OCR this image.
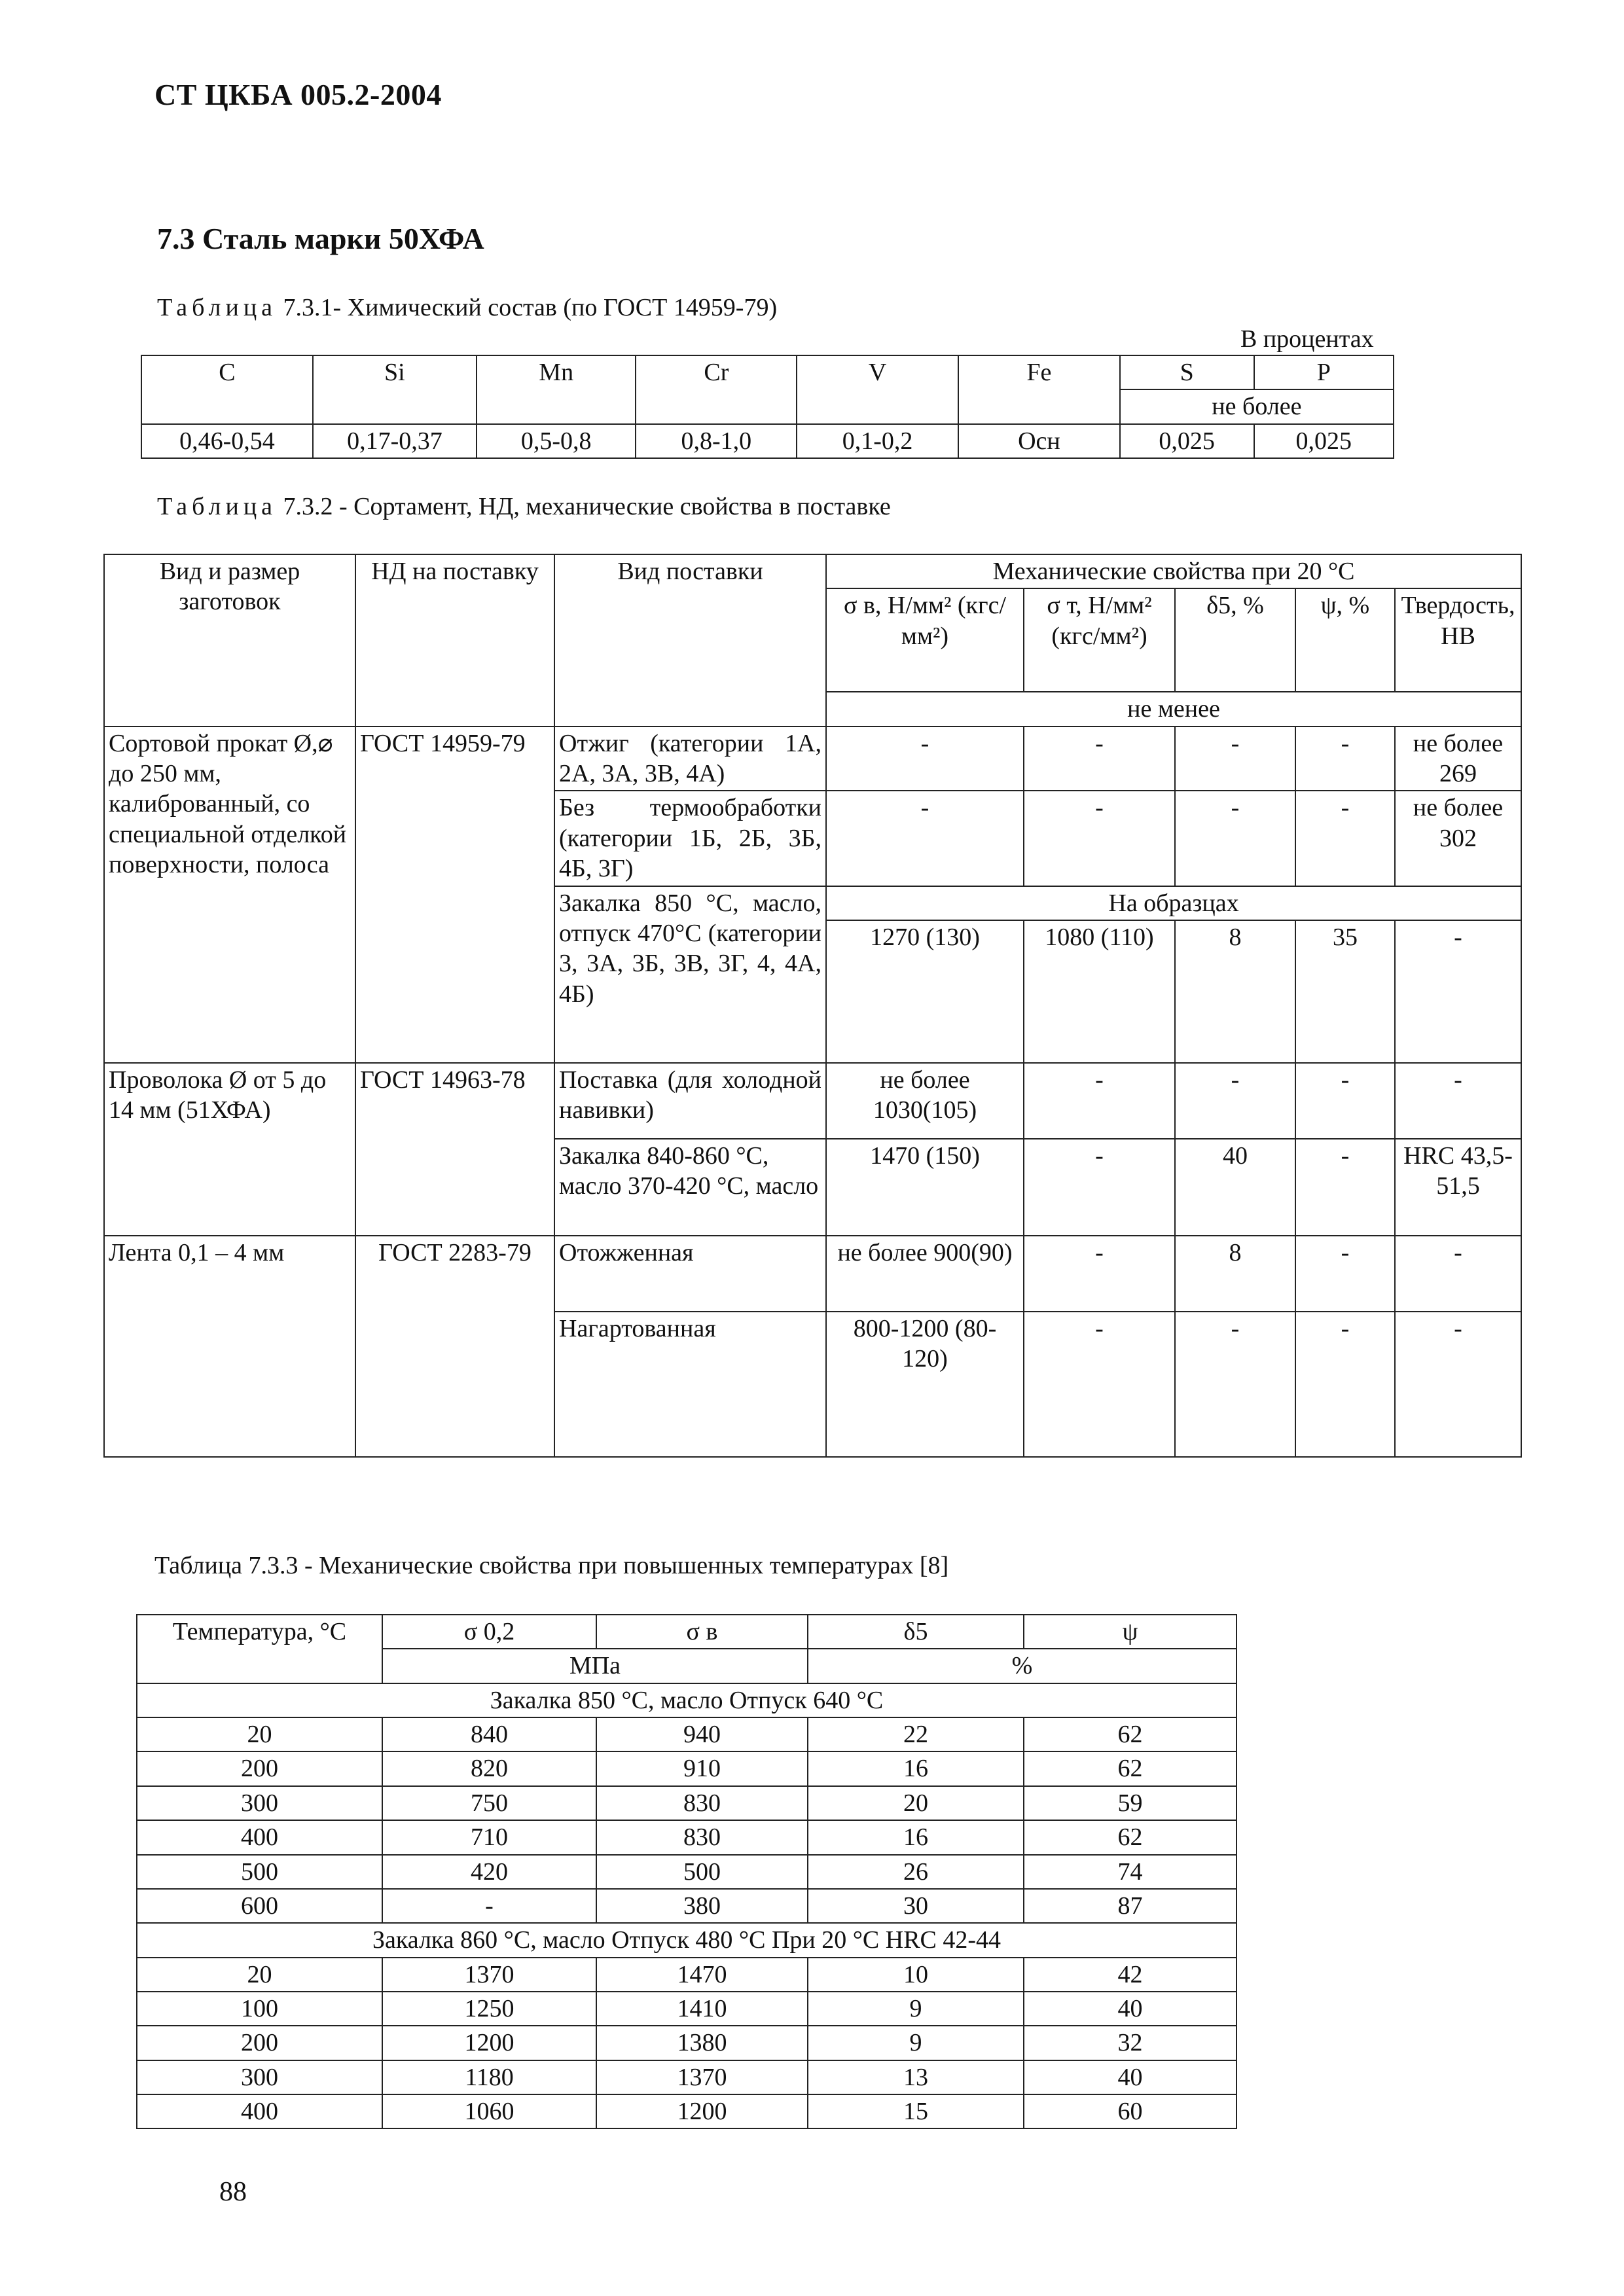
СТ ЦКБА 005.2-2004
7.3 Сталь марки 50ХФА
Таблица 7.3.1- Химический состав (по ГОСТ 14959-79)
В процентах
C	Si	Mn	Cr	V	Fe	S	P
						не более	
0,46-0,54	0,17-0,37	0,5-0,8	0,8-1,0	0,1-0,2	Осн	0,025	0,025
Таблица 7.3.2 - Сортамент, НД, механические свойства в поставке
Вид и размер заготовок	НД на поставку	Вид поставки	Механические свойства при 20 °С				
			σ в, Н/мм² (кгс/мм²)	σ т, Н/мм² (кгс/мм²)	δ5, %	ψ, %	Твердость, НВ
			не менее				
Сортовой прокат Ø,⌀ до 250 мм, калиброванный, со специальной отделкой поверхности, полоса	ГОСТ 14959-79	Отжиг (категории 1А, 2А, 3А, 3В, 4А)	-	-	-	-	не более 269
		Без термообработки (категории 1Б, 2Б, 3Б, 4Б, 3Г)	-	-	-	-	не более 302
		Закалка 850 °С, масло, отпуск 470°С (категории 3, 3А, 3Б, 3В, 3Г, 4, 4А, 4Б)	На образцах				
			1270 (130)	1080 (110)	8	35	-
Проволока Ø от 5 до 14 мм (51ХФА)	ГОСТ 14963-78	Поставка (для холодной навивки)	не более 1030(105)	-	-	-	-
		Закалка 840-860 °С, масло 370-420 °С, масло	1470 (150)	-	40	-	HRC 43,5-51,5
Лента 0,1 – 4 мм	ГОСТ 2283-79	Отожженная	не более 900(90)	-	8	-	-
		Нагартованная	800-1200 (80-120)	-	-	-	-
Таблица 7.3.3 - Механические свойства при повышенных температурах [8]
Температура, °С	σ 0,2	σ в	δ5	ψ
	МПа		%	
Закалка 850 °С, масло Отпуск 640 °С				
20	840	940	22	62
200	820	910	16	62
300	750	830	20	59
400	710	830	16	62
500	420	500	26	74
600	-	380	30	87
Закалка 860 °С, масло Отпуск 480 °С При 20 °С HRC 42-44				
20	1370	1470	10	42
100	1250	1410	9	40
200	1200	1380	9	32
300	1180	1370	13	40
400	1060	1200	15	60
88
